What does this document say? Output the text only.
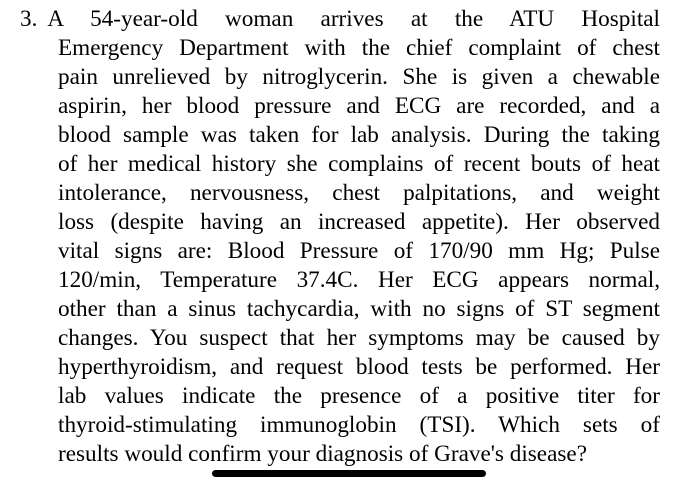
3. A 54-year-old woman arrives at the ATU Hospital
Emergency Department with the chief complaint of chest
pain unrelieved by nitroglycerin. She is given a chewable
aspirin, her blood pressure and ECG are recorded, and a
blood sample was taken for lab analysis. During the taking
of her medical history she complains of recent bouts of heat
intolerance, nervousness, chest palpitations, and weight
loss (despite having an increased appetite). Her observed
vital signs are: Blood Pressure of 170/90 mm Hg; Pulse
120/min, Temperature 37.4C. Her ECG appears normal,
other than a sinus tachycardia, with no signs of ST segment
changes. You suspect that her symptoms may be caused by
hyperthyroidism, and request blood tests be performed. Her
lab values indicate the presence of a positive titer for
thyroid-stimulating immunoglobin (TSI). Which sets of
results would confirm your diagnosis of Grave's disease?
